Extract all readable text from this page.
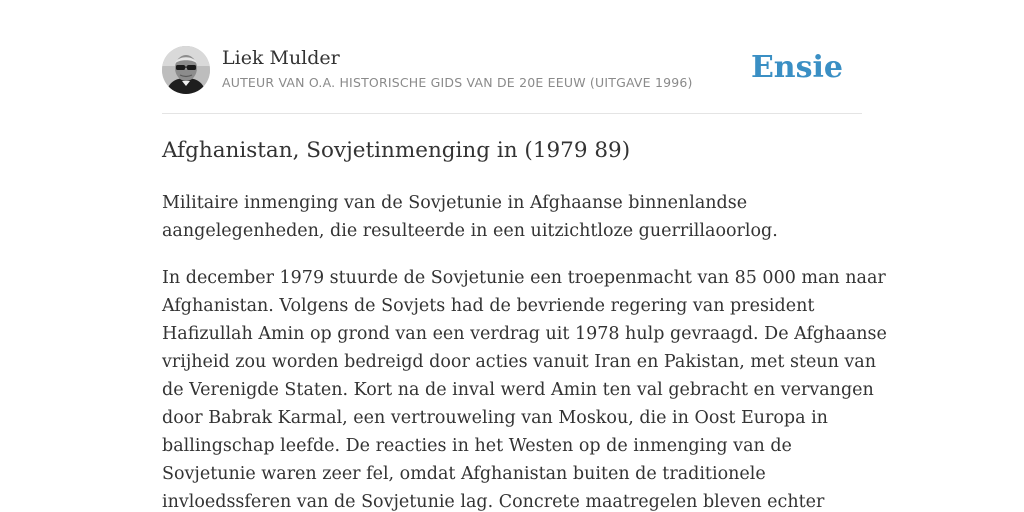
Liek Mulder
AUTEUR VAN O.A. HISTORISCHE GIDS VAN DE 20E EEUW (UITGAVE 1996) Ensie
Afghanistan, Sovjetinmenging in (1979 89)

Militaire inmenging van de Sovjetunie in Afghaanse binnenlandse
aangelegenheden, die resulteerde in een uitzichtloze guerrillaoorlog.

In december 1979 stuurde de Sovjetunie een troepenmacht van 85 000 man naar
Afghanistan. Volgens de Sovjets had de bevriende regering van president
Hafizullah Amin op grond van een verdrag uit 1978 hulp gevraagd. De Afghaanse
vrijheid zou worden bedreigd door acties vanuit Iran en Pakistan, met steun van
de Verenigde Staten. Kort na de inval werd Amin ten val gebracht en vervangen
door Babrak Karmal, een vertrouweling van Moskou, die in Oost Europa in
ballingschap leefde. De reacties in het Westen op de inmenging van de
Sovjetunie waren zeer fel, omdat Afghanistan buiten de traditionele
invloedssferen van de Sovjetunie lag. Concrete maatregelen bleven echter
